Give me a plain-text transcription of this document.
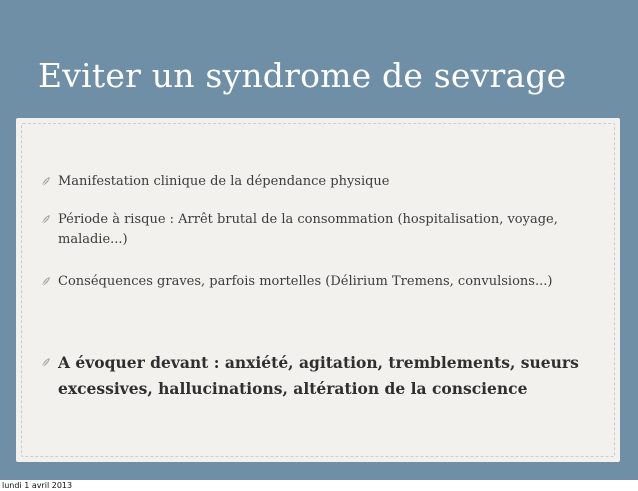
Eviter un syndrome de sevrage
Manifestation clinique de la dépendance physique
Période à risque : Arrêt brutal de la consommation (hospitalisation, voyage, maladie...)
Conséquences graves, parfois mortelles (Délirium Tremens, convulsions...)
A évoquer devant : anxiété, agitation, tremblements, sueurs excessives, hallucinations, altération de la conscience
lundi 1 avril 2013
